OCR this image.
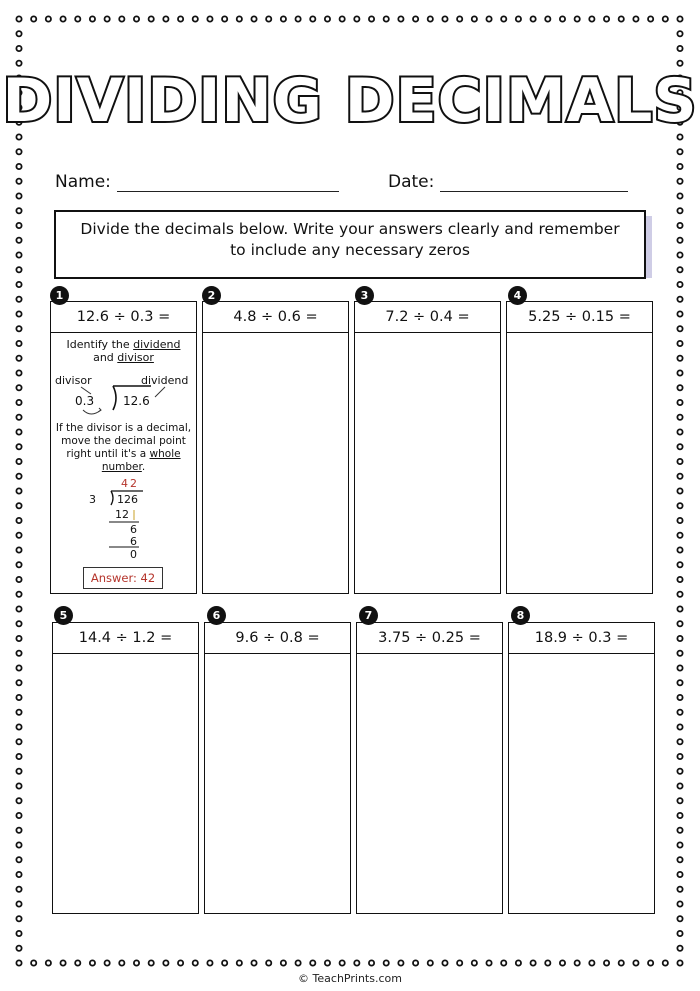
DIVIDING DECIMALS
Name:	Date:
Divide the decimals below. Write your answers clearly and remember
to include any necessary zeros
12.6 ÷ 0.3 =
Identify the dividend
and divisor
divisor	dividend
0.3 12.6
If the divisor is a decimal,
move the decimal point
right until it's a whole
number.
42
3 126
12
6
6
0
Answer: 42
4.8 ÷ 0.6 =	7.2 ÷ 0.4 =	5.25 ÷ 0.15 =
14.4 ÷ 1.2 =	9.6 ÷ 0.8 =	3.75 ÷ 0.25 =	18.9 ÷ 0.3 =
1	2	3	4
5	6	7	8
© TeachPrints.com
